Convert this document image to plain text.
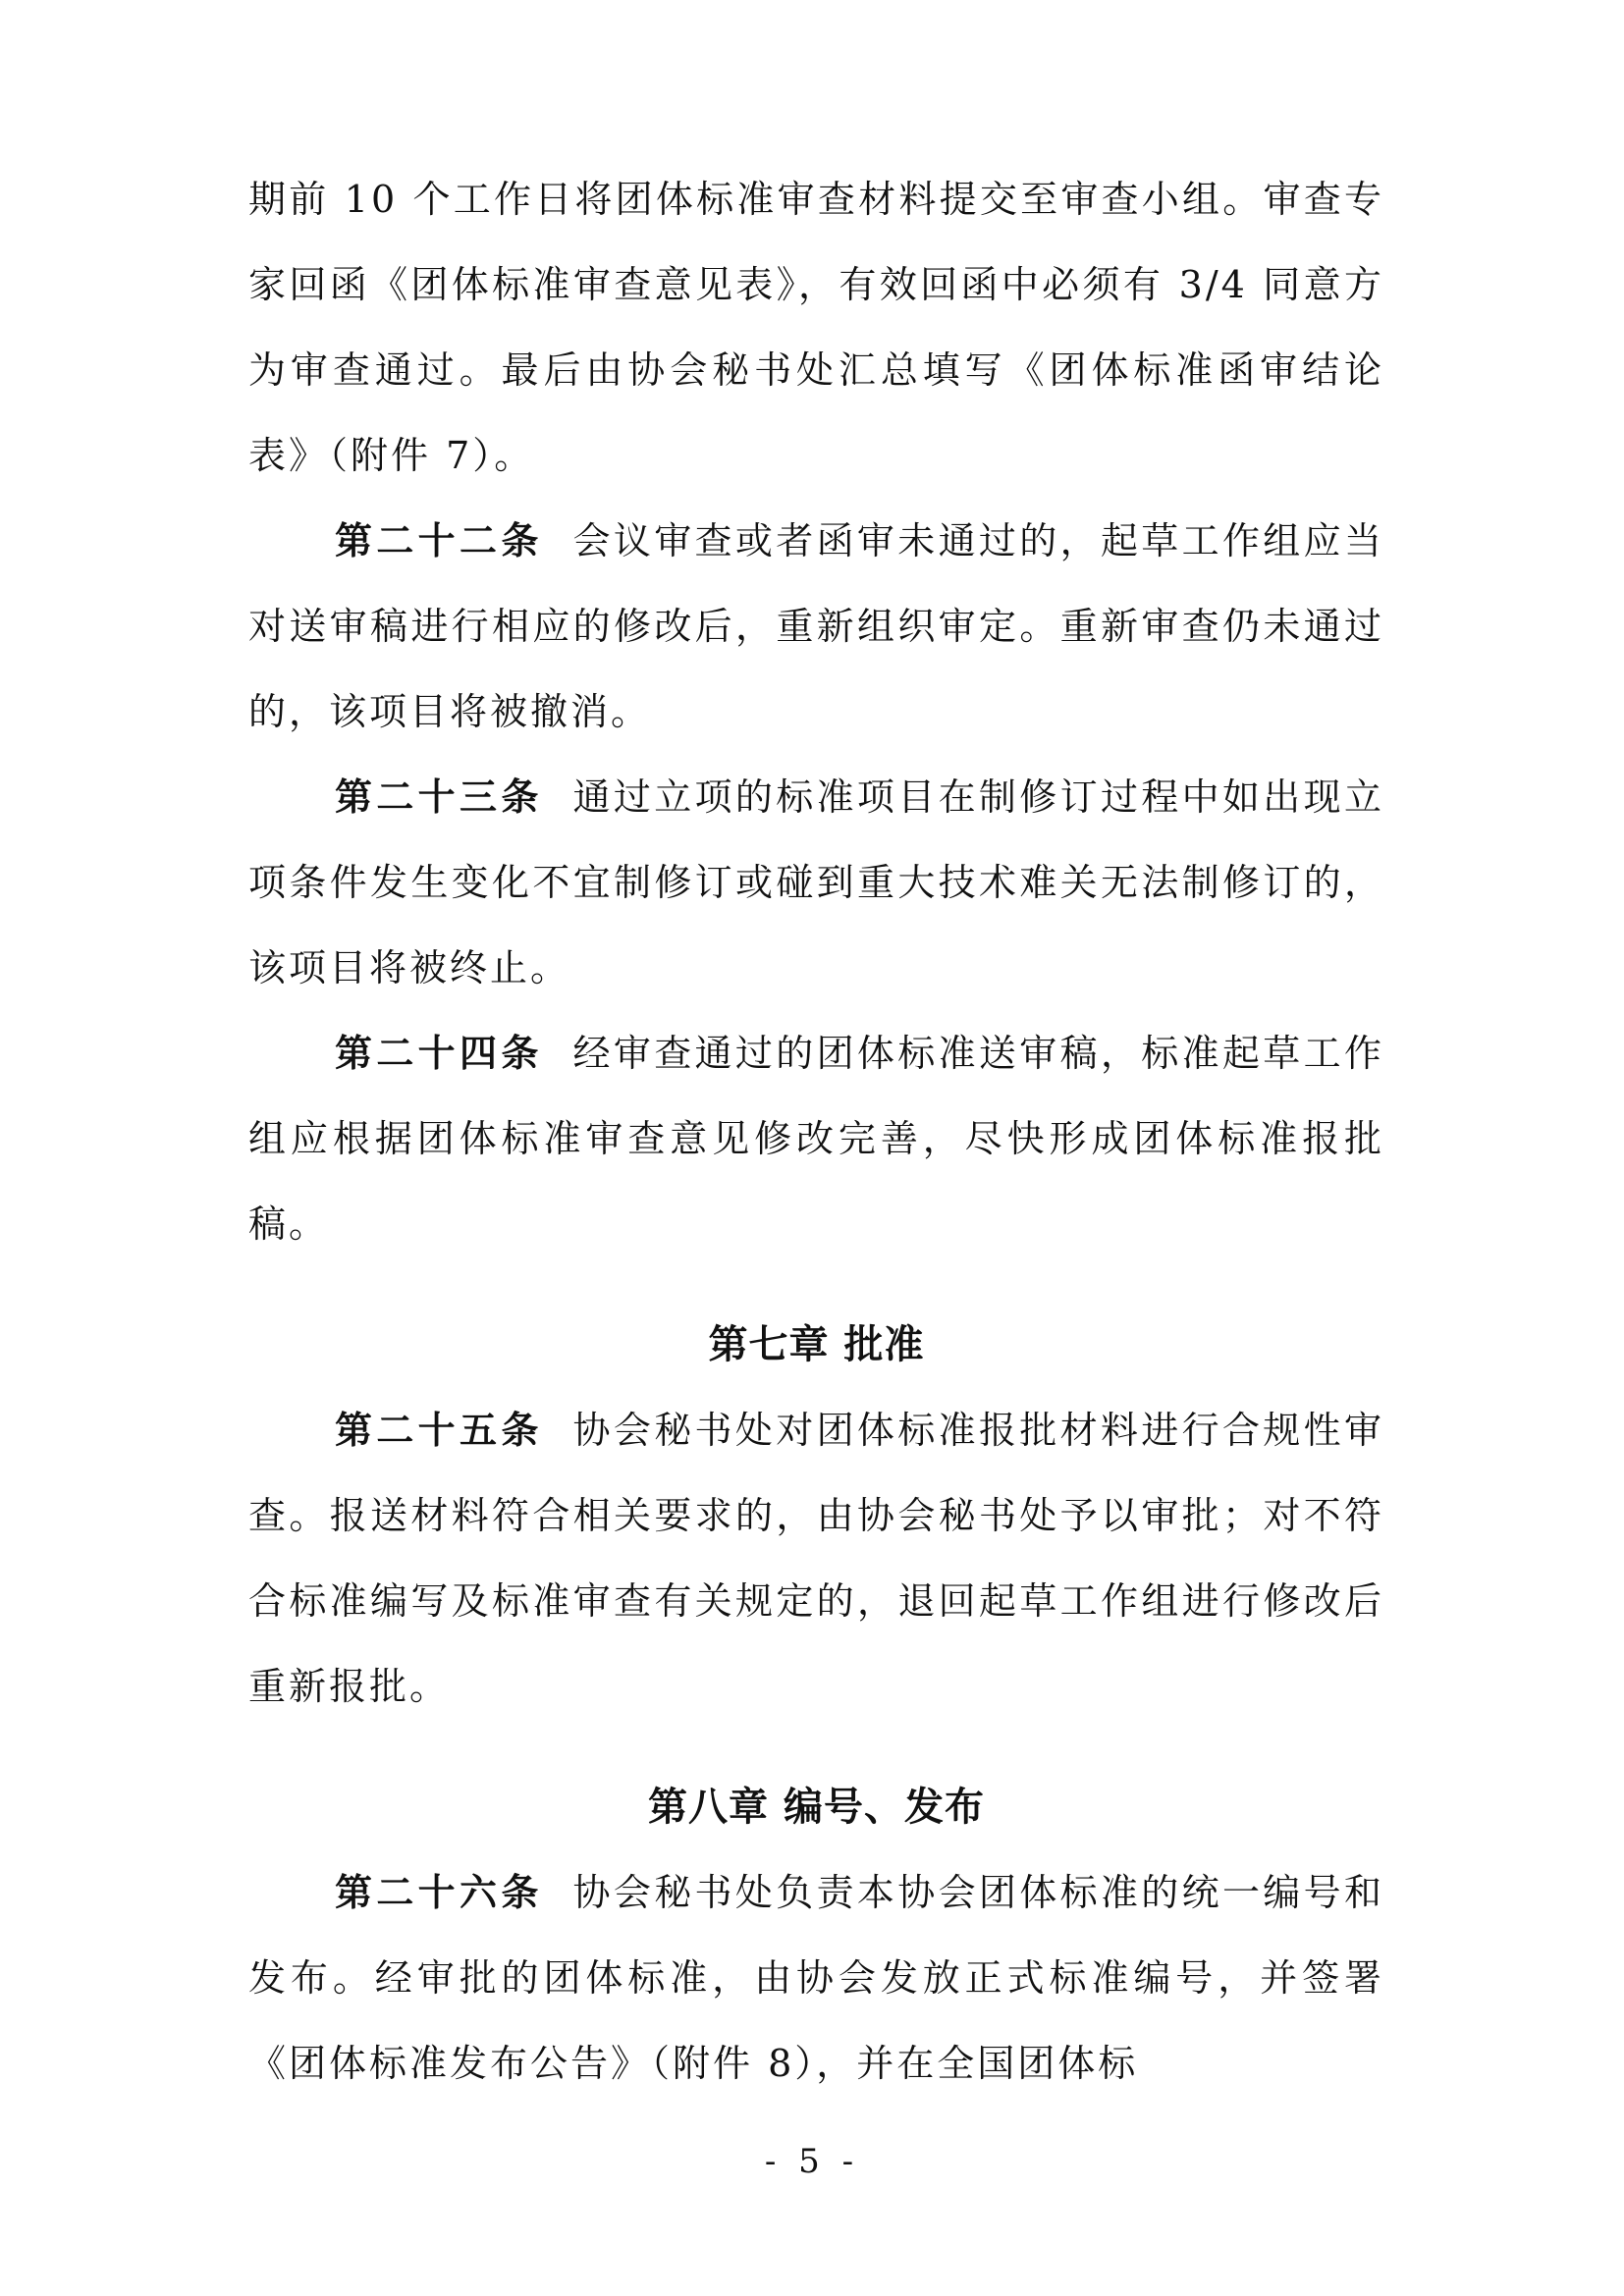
期前 10 个工作日将团体标准审查材料提交至审查小组。审查专家回函《团体标准审查意见表》，有效回函中必须有 3/4 同意方为审查通过。最后由协会秘书处汇总填写《团体标准函审结论表》（附件 7）。

第二十二条 会议审查或者函审未通过的，起草工作组应当对送审稿进行相应的修改后，重新组织审定。重新审查仍未通过的，该项目将被撤消。

第二十三条 通过立项的标准项目在制修订过程中如出现立项条件发生变化不宜制修订或碰到重大技术难关无法制修订的，该项目将被终止。

第二十四条 经审查通过的团体标准送审稿，标准起草工作组应根据团体标准审查意见修改完善，尽快形成团体标准报批稿。

第七章 批准

第二十五条 协会秘书处对团体标准报批材料进行合规性审查。报送材料符合相关要求的，由协会秘书处予以审批；对不符合标准编写及标准审查有关规定的，退回起草工作组进行修改后重新报批。

第八章 编号、发布

第二十六条 协会秘书处负责本协会团体标准的统一编号和发布。经审批的团体标准，由协会发放正式标准编号，并签署《团体标准发布公告》（附件 8），并在全国团体标

- 5 -
